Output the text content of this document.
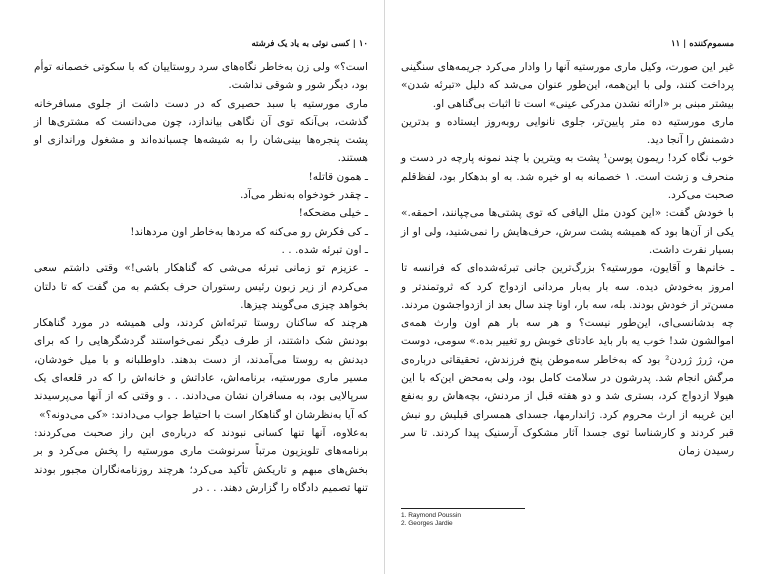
۱۰ | کسی نوئی به یاد یک فرشته

است؟» ولی زن به‌خاطر نگاه‌های سرد روستاییان که با سکوتی خصمانه توأم بود، دیگر شور و شوقی نداشت.

ماری مورستیه با سبد حصیری که در دست داشت از جلوی مسافرخانه گذشت، بی‌آنکه توی آن نگاهی بیاندازد، چون می‌دانست که مشتری‌ها از پشت پنجره‌ها بینی‌شان را به شیشه‌ها چسبانده‌اند و مشغول وراندازی او هستند.

ـ همون قاتله!

ـ چقدر خودخواه به‌نظر می‌آد.

ـ خیلی مضحکه!

ـ کی فکرش رو می‌کنه که مردها به‌خاطر اون مردهاند!

ـ اون تبرئه شده. . .

ـ عزیزم تو زمانی تبرئه می‌شی که گناهکار باشی!» وقتی داشتم سعی می‌کردم از زیر زبون رئیس رستوران حرف بکشم به من گفت که تا دلتان بخواهد چیزی می‌گویند چیزها.

هرچند که ساکنان روستا تبرئه‌اش کردند، ولی همیشه در مورد گناهکار بودنش شک داشتند، از طرف دیگر نمی‌خواستند گردشگرهایی را که برای دیدنش به روستا می‌آمدند، از دست بدهند. داوطلبانه و با میل خودشان، مسیر ماری مورستیه، برنامه‌اش، عاداتش و خانه‌اش را که در قلعه‌ای یک سرپالایی بود، به مسافران نشان می‌دادند. . . و وقتی که از آنها می‌پرسیدند که آیا به‌نظرشان او گناهکار است با احتیاط جواب می‌دادند: «کی می‌دونه؟»

به‌علاوه، آنها تنها کسانی نبودند که درباره‌ی این راز صحبت می‌کردند: برنامه‌های تلویزیون مرتباً سرنوشت ماری مورستیه را پخش می‌کرد و بر بخش‌های مبهم و تاریکش تأکید می‌کرد؛ هرچند روزنامه‌نگاران مجبور بودند تنها تصمیم دادگاه را گزارش دهند. . . در

مسموم‌کننده | ۱۱

غیر این صورت، وکیل ماری مورستیه آنها را وادار می‌کرد جریمه‌های سنگینی پرداخت کنند، ولی با این‌همه، این‌طور عنوان می‌شد که دلیل «تبرئه شدن» بیشتر مبنی بر «ارائه نشدن مدرکی عینی» است تا اثبات بی‌گناهی او.

ماری مورستیه ده متر پایین‌تر، جلوی نانوایی روبه‌روز ایستاده و بدترین دشمنش را آنجا دید.

خوب نگاه کرد! ریمون پوسن¹ پشت به ویترین با چند نمونه پارچه در دست و منحرف و زشت است. ۱ خصمانه به او خیره شد. به او بدهکار بود، لفظ‌قلم صحبت می‌کرد.

با خودش گفت: «این کودن مثل الیافی که توی پشتی‌ها می‌چپانند، احمقه.» یکی از آن‌ها بود که همیشه پشت سرش، حرف‌هایش را نمی‌شنید، ولی او از بسیار نفرت داشت.

ـ خانم‌ها و آقایون، مورستیه؟ بزرگ‌ترین جانی تبرئه‌شده‌ای که فرانسه تا امروز به‌خودش دیده. سه بار به‌بار مردانی ازدواج کرد که ثروتمندتر و مسن‌تر از خودش بودند. بله، سه بار، اونا چند سال بعد از ازدواجشون مردند. چه بدشانسی‌ای، این‌طور نیست؟ و هر سه بار هم اون وارث همه‌ی اموالشون شد! خوب یه بار باید عادتای خوبش رو تغییر بده.» سومی، دوست من، ژرژ ژردن² بود که به‌خاطر سه‌موطن پنج فرزندش، تحقیقاتی درباره‌ی مرگش انجام شد. پدرشون در سلامت کامل بود، ولی به‌محض این‌که با این هیولا ازدواج کرد، بستری شد و دو هفته قبل از مردنش، بچه‌هاش رو به‌نفع این غریبه از ارث محروم کرد. ژاندارمها، جسدای همسرای قبلیش رو نبش قبر کردند و کارشناسا توی جسدا آثار مشکوک آرسنیک پیدا کردند. تا سر رسیدن زمان

1. Raymond Poussin
2. Georges Jardie
